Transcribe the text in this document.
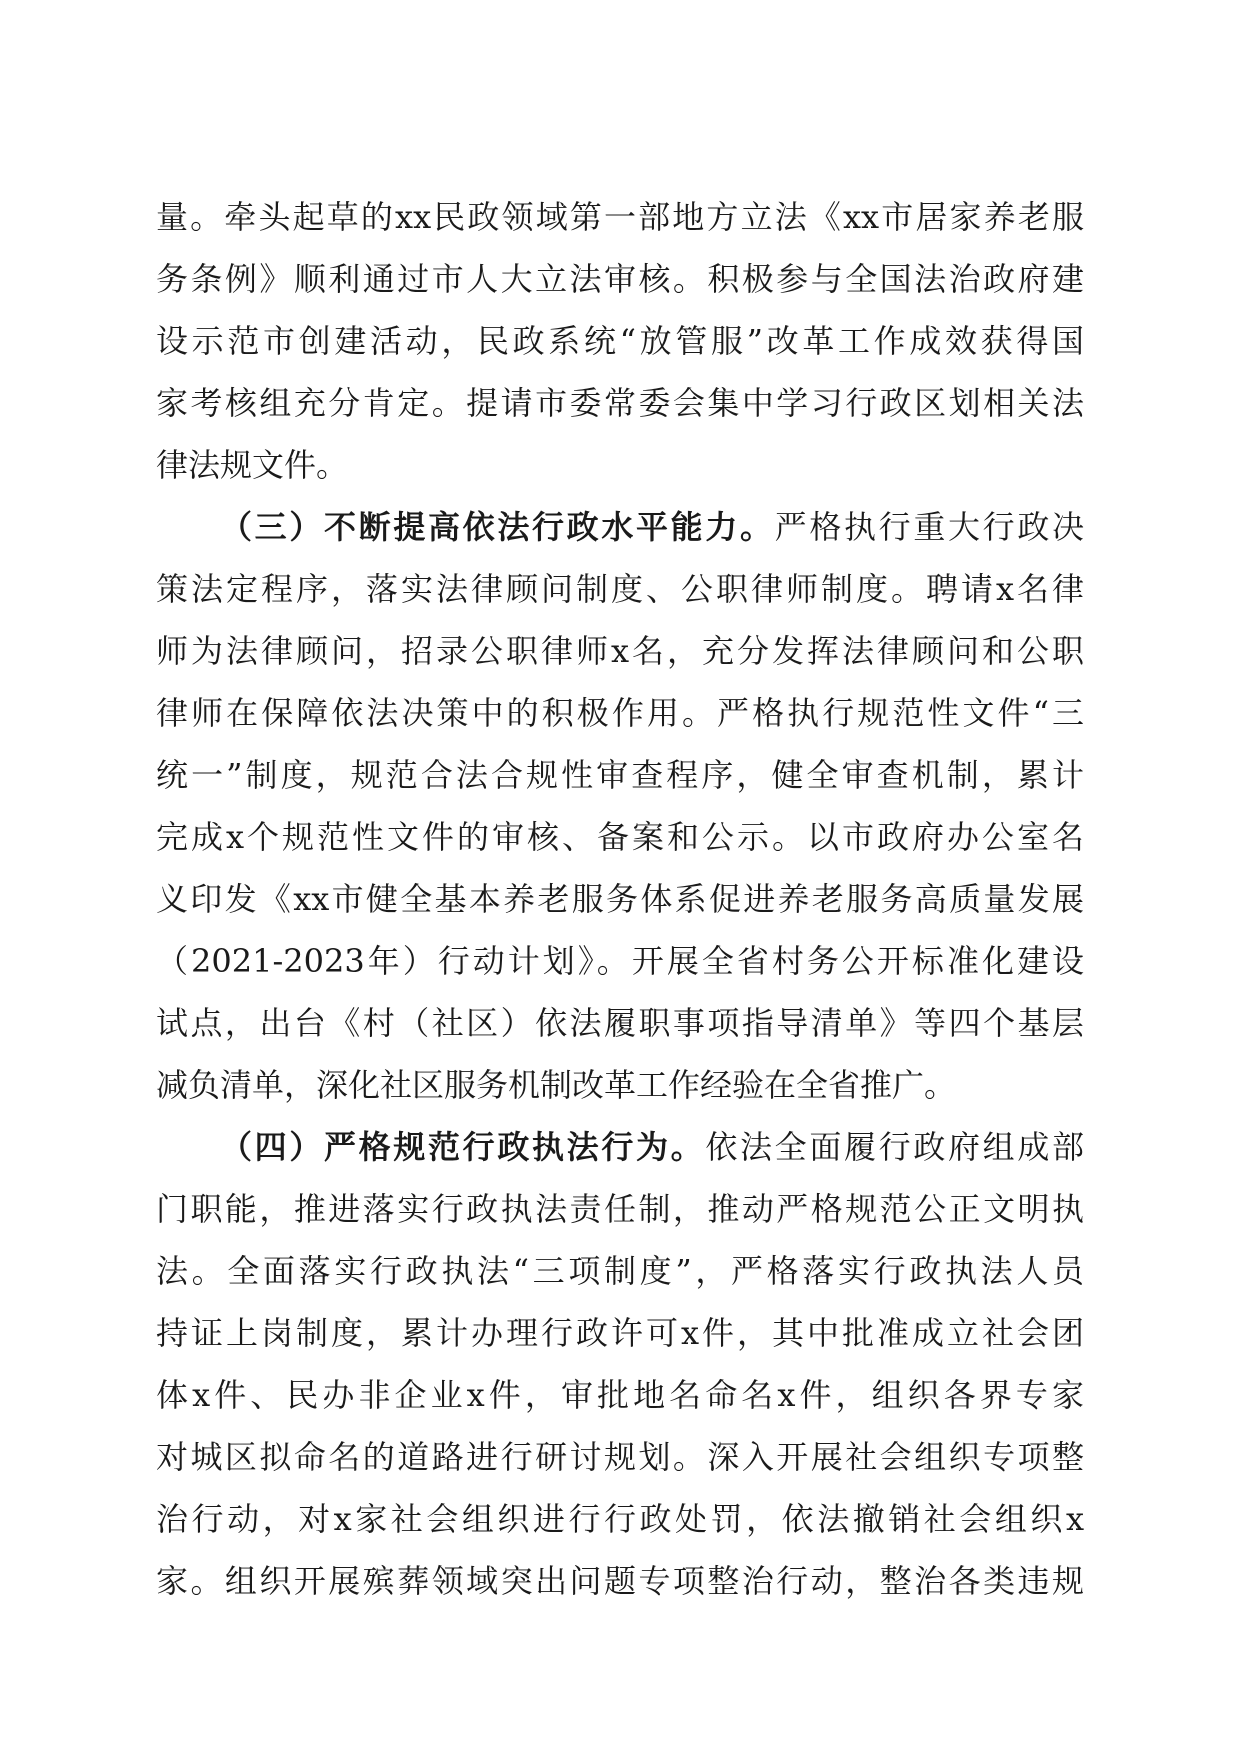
量。牵头起草的xx民政领域第一部地方立法《xx市居家养老服
务条例》顺利通过市人大立法审核。积极参与全国法治政府建
设示范市创建活动，民政系统“放管服”改革工作成效获得国
家考核组充分肯定。提请市委常委会集中学习行政区划相关法
律法规文件。
（三）不断提高依法行政水平能力。严格执行重大行政决
策法定程序，落实法律顾问制度、公职律师制度。聘请x名律
师为法律顾问，招录公职律师x名，充分发挥法律顾问和公职
律师在保障依法决策中的积极作用。严格执行规范性文件“三
统一”制度，规范合法合规性审查程序，健全审查机制，累计
完成x个规范性文件的审核、备案和公示。以市政府办公室名
义印发《xx市健全基本养老服务体系促进养老服务高质量发展
（2021-2023年）行动计划》。开展全省村务公开标准化建设
试点，出台《村（社区）依法履职事项指导清单》等四个基层
减负清单，深化社区服务机制改革工作经验在全省推广。
（四）严格规范行政执法行为。依法全面履行政府组成部
门职能，推进落实行政执法责任制，推动严格规范公正文明执
法。全面落实行政执法“三项制度”，严格落实行政执法人员
持证上岗制度，累计办理行政许可x件，其中批准成立社会团
体x件、民办非企业x件，审批地名命名x件，组织各界专家
对城区拟命名的道路进行研讨规划。深入开展社会组织专项整
治行动，对x家社会组织进行行政处罚，依法撤销社会组织x
家。组织开展殡葬领域突出问题专项整治行动，整治各类违规
